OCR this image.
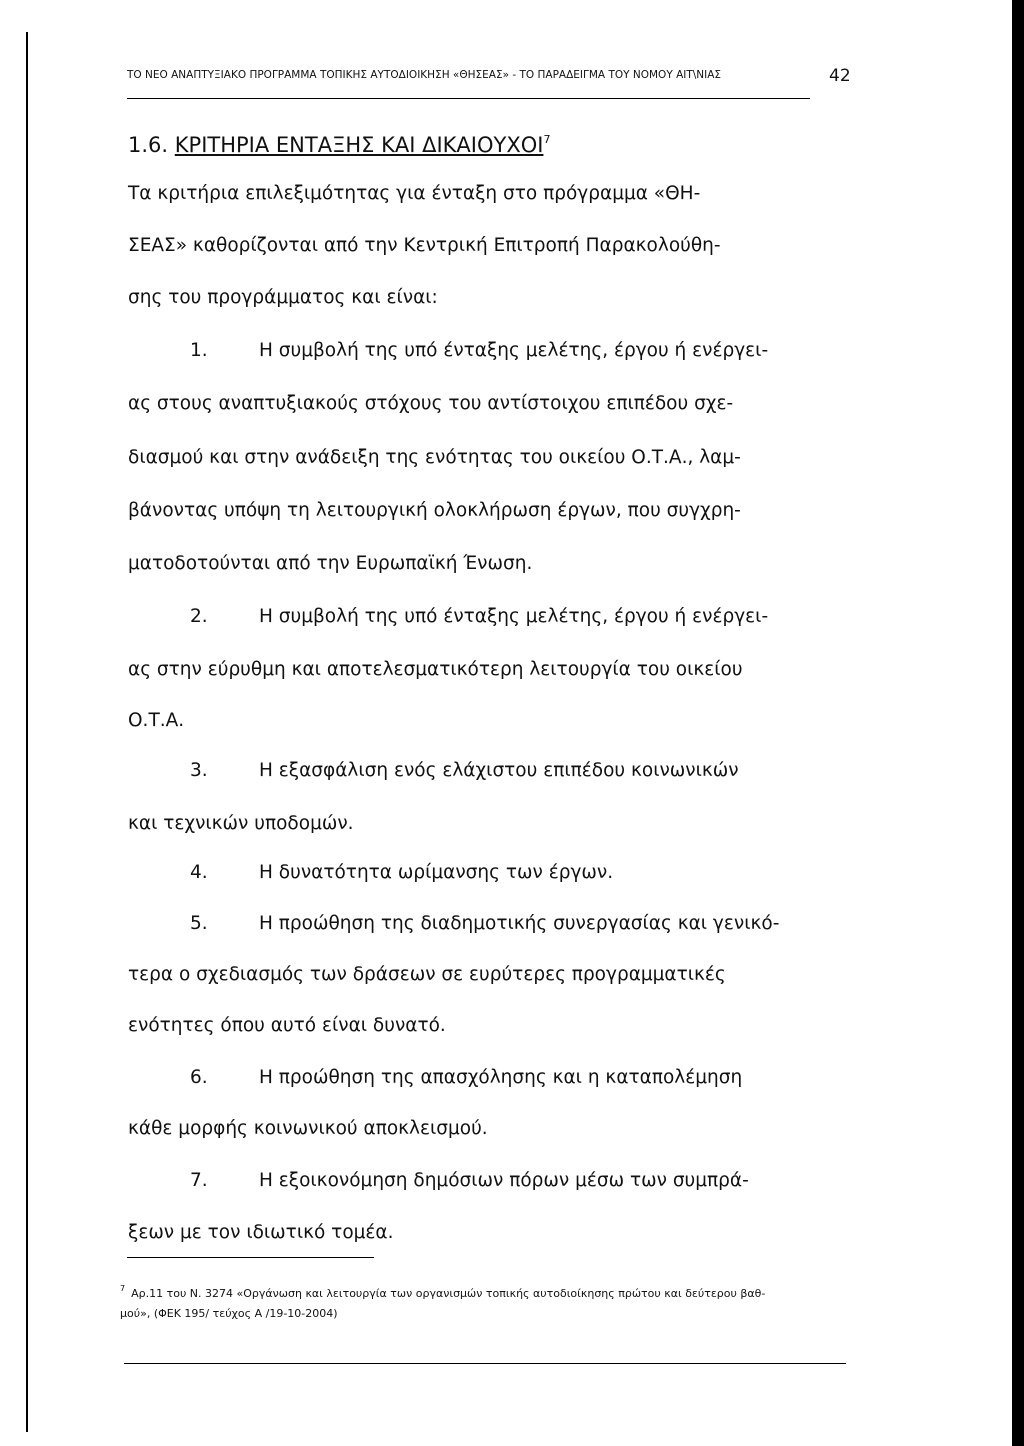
ΤΟ ΝΕΟ ΑΝΑΠΤΥΞΙΑΚΟ ΠΡΟΓΡΑΜΜΑ ΤΟΠΙΚΗΣ ΑΥΤΟΔΙΟΙΚΗΣΗ «ΘΗΣΕΑΣ» - ΤΟ ΠΑΡΑΔΕΙΓΜΑ ΤΟΥ ΝΟΜΟΥ ΑΙΤ\ΝΙΑΣ	42
1.6. ΚΡΙΤΗΡΙΑ ΕΝΤΑΞΗΣ ΚΑΙ ΔΙΚΑΙΟΥΧΟΙ$^7$
Τα κριτήρια επιλεξιμότητας για ένταξη στο πρόγραμμα «ΘΗ-
ΣΕΑΣ» καθορίζονται από την Κεντρική Επιτροπή Παρακολούθη-
σης του προγράμματος και είναι:
1.	Η συμβολή της υπό ένταξης μελέτης, έργου ή ενέργει-
ας στους αναπτυξιακούς στόχους του αντίστοιχου επιπέδου σχε-
διασμού και στην ανάδειξη της ενότητας του οικείου Ο.Τ.Α., λαμ-
βάνοντας υπόψη τη λειτουργική ολοκλήρωση έργων, που συγχρη-
ματοδοτούνται από την Ευρωπαϊκή Ένωση.
2.	Η συμβολή της υπό ένταξης μελέτης, έργου ή ενέργει-
ας στην εύρυθμη και αποτελεσματικότερη λειτουργία του οικείου
Ο.Τ.Α.
3.	Η εξασφάλιση ενός ελάχιστου επιπέδου κοινωνικών
και τεχνικών υποδομών.
4.	Η δυνατότητα ωρίμανσης των έργων.
5.	Η προώθηση της διαδημοτικής συνεργασίας και γενικό-
τερα ο σχεδιασμός των δράσεων σε ευρύτερες προγραμματικές
ενότητες όπου αυτό είναι δυνατό.
6.	Η προώθηση της απασχόλησης και η καταπολέμηση
κάθε μορφής κοινωνικού αποκλεισμού.
7.	Η εξοικονόμηση δημόσιων πόρων μέσω των συμπρά-
ξεων με τον ιδιωτικό τομέα.
$^7$ Αρ.11 του Ν. 3274 «Οργάνωση και λειτουργία των οργανισμών τοπικής αυτοδιοίκησης πρώτου και δεύτερου βαθ-
μού», (ΦΕΚ 195/ τεύχος Α /19-10-2004)
